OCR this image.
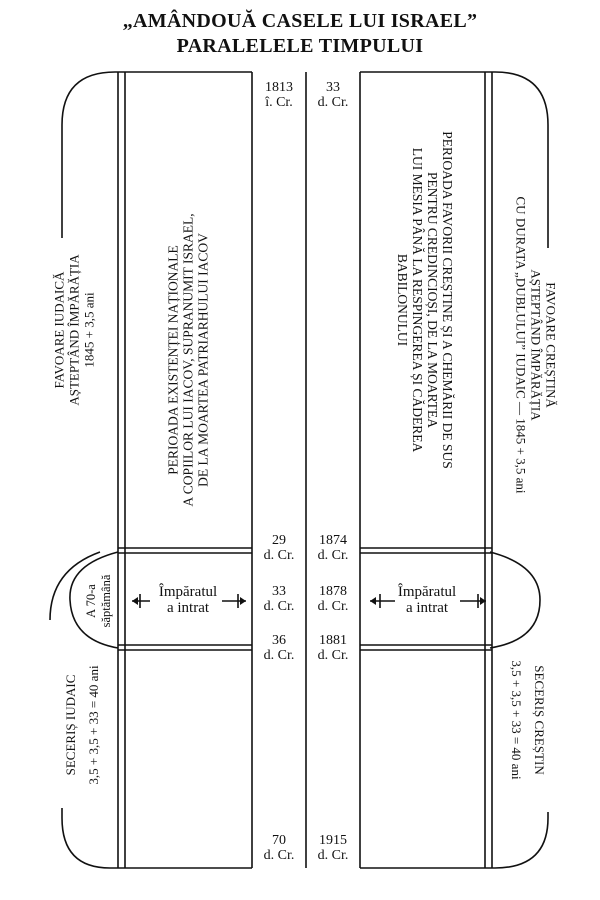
„AMÂNDOUĂ CASELE LUI ISRAEL”
PARALELELE TIMPULUI
FAVOARE IUDAICĂ AȘTEPTÂND ÎMPĂRĂȚIA 1845 + 3,5 ani
SECERIȘ IUDAIC 3,5 + 3,5 + 33 = 40 ani
A 70-a săptămână
PERIOADA EXISTENȚEI NAȚIONALE A COPIILOR LUI IACOV, SUPRANUMIT ISRAEL, DE LA MOARTEA PATRIARHULUI IACOV	PERIOADA FAVORII CREȘTINE ȘI A CHEMĂRII DE SUS
PENTRU CREDINCIOȘI, DE LA MOARTEA
LUI MESIA PÂNĂ LA RESPINGEREA ȘI CĂDEREA
BABILONULUI	FAVOARE CREȘTINĂ
AȘTEPTÂND ÎMPĂRĂȚIA
CU DURATA „DUBLULUI” IUDAIC — 1845 + 3,5 ani
SECERIȘ CREȘTIN
3,5 + 3,5 + 33 = 40 ani
Împăratul
a intrat
Împăratul
a intrat
1813
î. Cr.
29
d. Cr.
33
d. Cr.
36
d. Cr.
70
d. Cr.
33
d. Cr.
1874
d. Cr.
1878
d. Cr.
1881
d. Cr.
1915
d. Cr.
